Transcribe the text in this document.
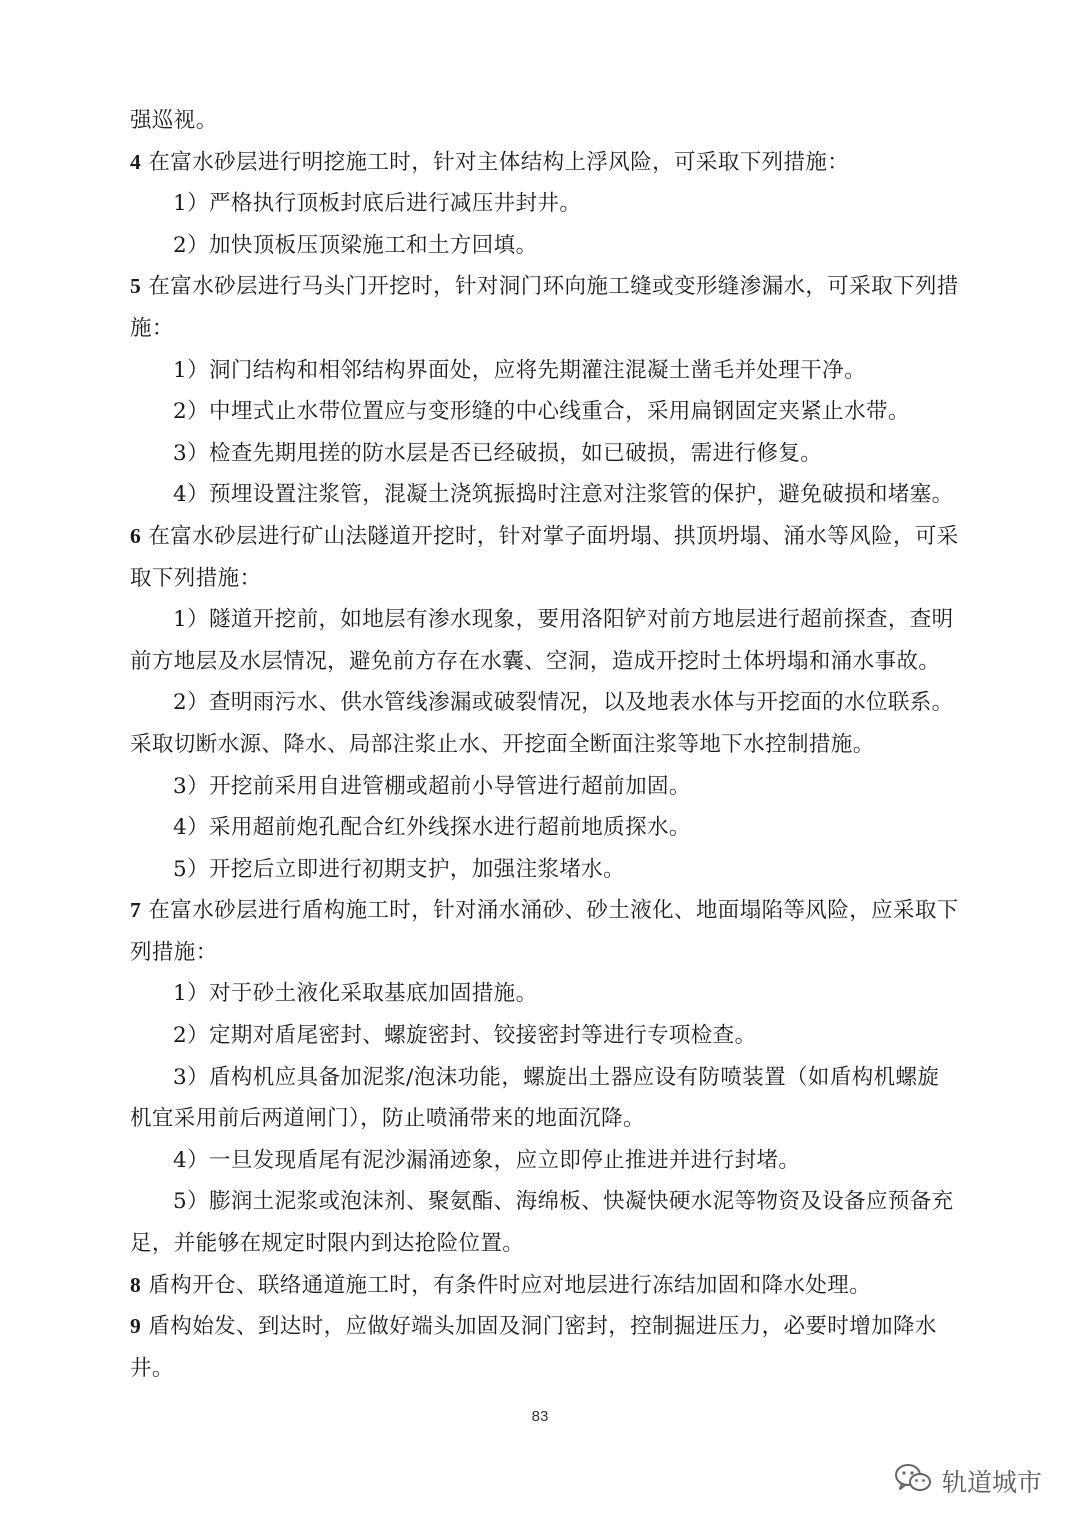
强巡视。

4 在富水砂层进行明挖施工时，针对主体结构上浮风险，可采取下列措施：

1）严格执行顶板封底后进行减压井封井。

2）加快顶板压顶梁施工和土方回填。

5 在富水砂层进行马头门开挖时，针对洞门环向施工缝或变形缝渗漏水，可采取下列措施：

1）洞门结构和相邻结构界面处，应将先期灌注混凝土凿毛并处理干净。

2）中埋式止水带位置应与变形缝的中心线重合，采用扁钢固定夹紧止水带。

3）检查先期甩搓的防水层是否已经破损，如已破损，需进行修复。

4）预埋设置注浆管，混凝土浇筑振捣时注意对注浆管的保护，避免破损和堵塞。

6 在富水砂层进行矿山法隧道开挖时，针对掌子面坍塌、拱顶坍塌、涌水等风险，可采取下列措施：

1）隧道开挖前，如地层有渗水现象，要用洛阳铲对前方地层进行超前探查，查明前方地层及水层情况，避免前方存在水囊、空洞，造成开挖时土体坍塌和涌水事故。

2）查明雨污水、供水管线渗漏或破裂情况，以及地表水体与开挖面的水位联系。采取切断水源、降水、局部注浆止水、开挖面全断面注浆等地下水控制措施。

3）开挖前采用自进管棚或超前小导管进行超前加固。

4）采用超前炮孔配合红外线探水进行超前地质探水。

5）开挖后立即进行初期支护，加强注浆堵水。

7 在富水砂层进行盾构施工时，针对涌水涌砂、砂土液化、地面塌陷等风险，应采取下列措施：

1）对于砂土液化采取基底加固措施。

2）定期对盾尾密封、螺旋密封、铰接密封等进行专项检查。

3）盾构机应具备加泥浆/泡沫功能，螺旋出土器应设有防喷装置（如盾构机螺旋机宜采用前后两道闸门），防止喷涌带来的地面沉降。

4）一旦发现盾尾有泥沙漏涌迹象，应立即停止推进并进行封堵。

5）膨润土泥浆或泡沫剂、聚氨酯、海绵板、快凝快硬水泥等物资及设备应预备充足，并能够在规定时限内到达抢险位置。

8 盾构开仓、联络通道施工时，有条件时应对地层进行冻结加固和降水处理。

9 盾构始发、到达时，应做好端头加固及洞门密封，控制掘进压力，必要时增加降水井。

83
轨道城市
